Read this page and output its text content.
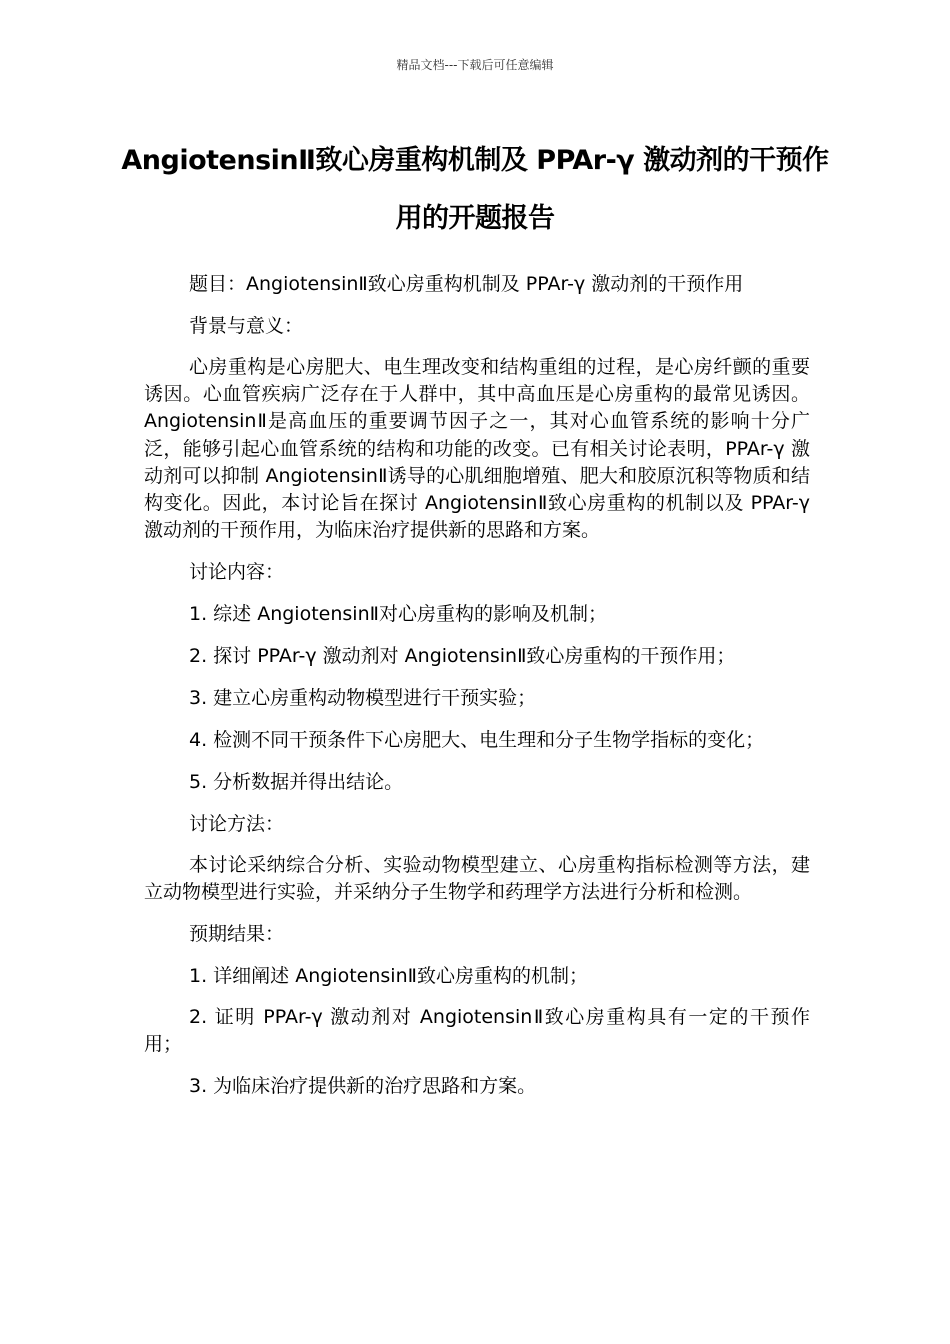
精品文档---下载后可任意编辑
AngiotensinⅡ致心房重构机制及 PPAr-γ 激动剂的干预作用的开题报告
题目：AngiotensinⅡ致心房重构机制及 PPAr-γ 激动剂的干预作用
背景与意义：
心房重构是心房肥大、电生理改变和结构重组的过程，是心房纤颤的重要诱因。心血管疾病广泛存在于人群中，其中高血压是心房重构的最常见诱因。AngiotensinⅡ是高血压的重要调节因子之一，其对心血管系统的影响十分广泛，能够引起心血管系统的结构和功能的改变。已有相关讨论表明，PPAr-γ 激动剂可以抑制 AngiotensinⅡ诱导的心肌细胞增殖、肥大和胶原沉积等物质和结构变化。因此，本讨论旨在探讨 AngiotensinⅡ致心房重构的机制以及 PPAr-γ 激动剂的干预作用，为临床治疗提供新的思路和方案。
讨论内容：
1. 综述 AngiotensinⅡ对心房重构的影响及机制；
2. 探讨 PPAr-γ 激动剂对 AngiotensinⅡ致心房重构的干预作用；
3. 建立心房重构动物模型进行干预实验；
4. 检测不同干预条件下心房肥大、电生理和分子生物学指标的变化；
5. 分析数据并得出结论。
讨论方法：
本讨论采纳综合分析、实验动物模型建立、心房重构指标检测等方法，建立动物模型进行实验，并采纳分子生物学和药理学方法进行分析和检测。
预期结果：
1. 详细阐述 AngiotensinⅡ致心房重构的机制；
2. 证明 PPAr-γ 激动剂对 AngiotensinⅡ致心房重构具有一定的干预作用；
3. 为临床治疗提供新的治疗思路和方案。
